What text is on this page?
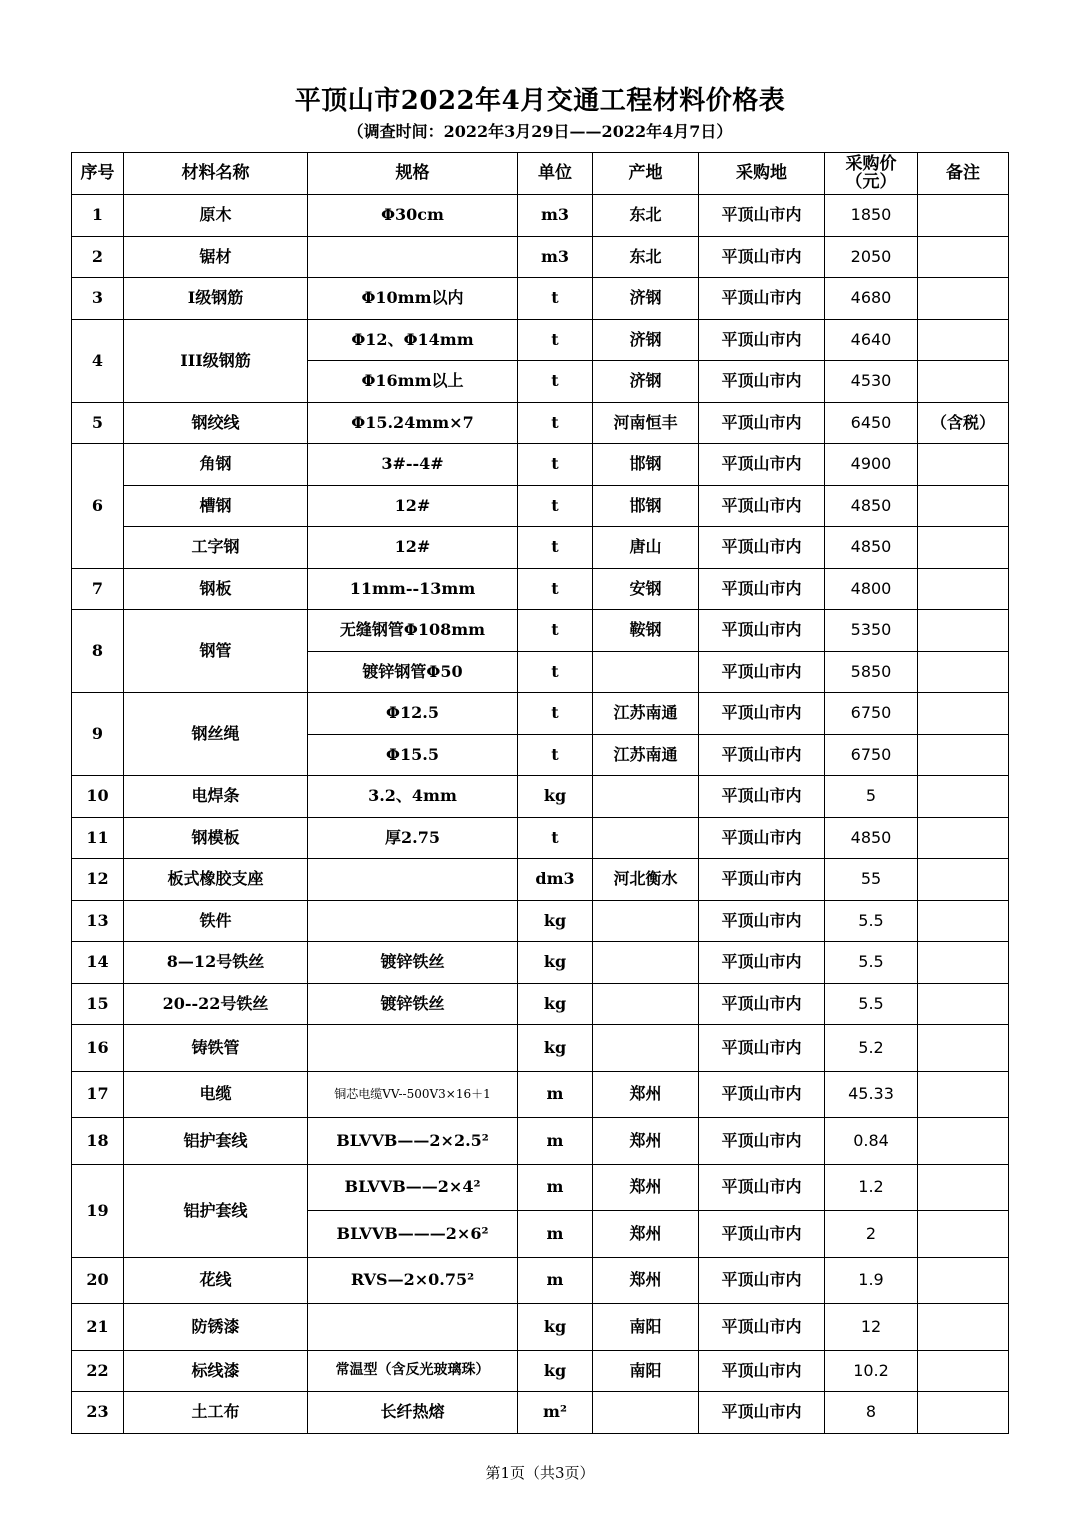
平顶山市2022年4月交通工程材料价格表
（调查时间：2022年3月29日——2022年4月7日）
序号	材料名称	规格	单位	产地	采购地	采购价（元）	备注
1	原木	Φ30cm	m3	东北	平顶山市内	1850	
2	锯材		m3	东北	平顶山市内	2050	
3	Ⅰ级钢筋	Φ10mm以内	t	济钢	平顶山市内	4680	
4	III级钢筋	Φ12、Φ14mm	t	济钢	平顶山市内	4640	
		Φ16mm以上	t	济钢	平顶山市内	4530	
5	钢绞线	Φ15.24mm×7	t	河南恒丰	平顶山市内	6450	（含税）
6	角钢	3#--4#	t	邯钢	平顶山市内	4900	
	槽钢	12#	t	邯钢	平顶山市内	4850	
	工字钢	12#	t	唐山	平顶山市内	4850	
7	钢板	11mm--13mm	t	安钢	平顶山市内	4800	
8	钢管	无缝钢管Φ108mm	t	鞍钢	平顶山市内	5350	
		镀锌钢管Φ50	t		平顶山市内	5850	
9	钢丝绳	Φ12.5	t	江苏南通	平顶山市内	6750	
		Φ15.5	t	江苏南通	平顶山市内	6750	
10	电焊条	3.2、4mm	kg		平顶山市内	5	
11	钢模板	厚2.75	t		平顶山市内	4850	
12	板式橡胶支座		dm3	河北衡水	平顶山市内	55	
13	铁件		kg		平顶山市内	5.5	
14	8—12号铁丝	镀锌铁丝	kg		平顶山市内	5.5	
15	20--22号铁丝	镀锌铁丝	kg		平顶山市内	5.5	
16	铸铁管		kg		平顶山市内	5.2	
17	电缆	铜芯电缆VV--500V3×16＋1	m	郑州	平顶山市内	45.33	
18	铝护套线	BLVVB——2×2.5²	m	郑州	平顶山市内	0.84	
19	铝护套线	BLVVB——2×4²	m	郑州	平顶山市内	1.2	
		BLVVB———2×6²	m	郑州	平顶山市内	2	
20	花线	RVS—2×0.75²	m	郑州	平顶山市内	1.9	
21	防锈漆		kg	南阳	平顶山市内	12	
22	标线漆	常温型（含反光玻璃珠）	kg	南阳	平顶山市内	10.2	
23	土工布	长纤热熔	m²		平顶山市内	8	
第1页（共3页）
